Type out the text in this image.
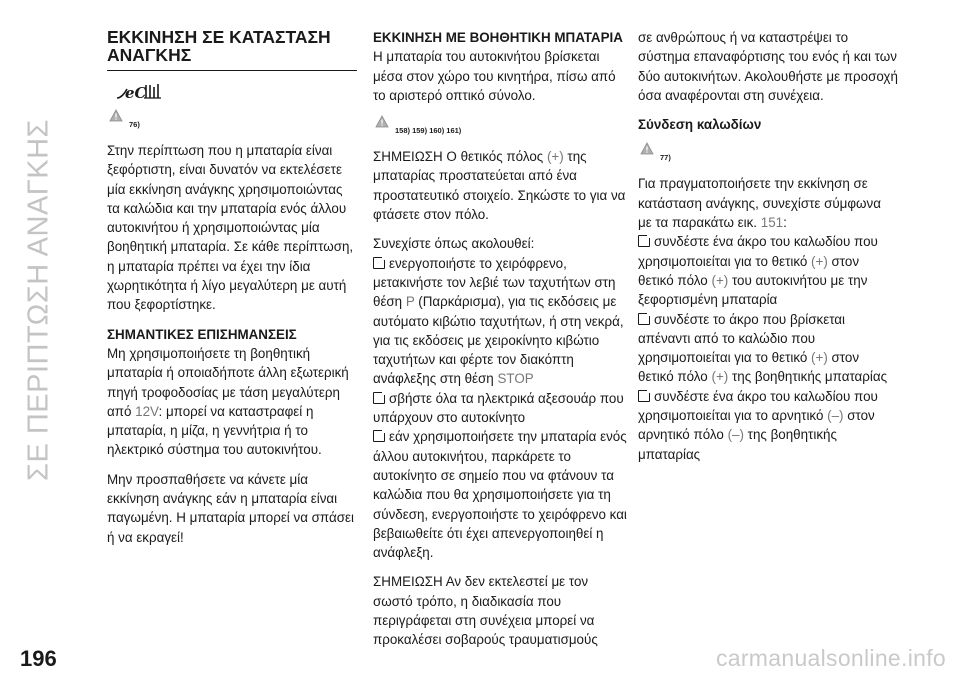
ΣΕ ΠΕΡΙΠΤΩΣΗ ΑΝΑΓΚΗΣ
ΕΚΚΙΝΗΣΗ ΣΕ ΚΑΤΑΣΤΑΣΗ ΑΝΑΓΚΗΣ
eC
76)

Στην περίπτωση που η μπαταρία είναι ξεφόρτιστη, είναι δυνατόν να εκτελέσετε μία εκκίνηση ανάγκης χρησιμοποιώντας τα καλώδια και την μπαταρία ενός άλλου αυτοκινήτου ή χρησιμοποιώντας μία βοηθητική μπαταρία. Σε κάθε περίπτωση, η μπαταρία πρέπει να έχει την ίδια χωρητικότητα ή λίγο μεγαλύτερη με αυτή που ξεφορτίστηκε.

ΣΗΜΑΝΤΙΚΕΣ ΕΠΙΣΗΜΑΝΣΕΙΣ

Μη χρησιμοποιήσετε τη βοηθητική μπαταρία ή οποιαδήποτε άλλη εξωτερική πηγή τροφοδοσίας με τάση μεγαλύτερη από 12V: μπορεί να καταστραφεί η μπαταρία, η μίζα, η γεννήτρια ή το ηλεκτρικό σύστημα του αυτοκινήτου.

Μην προσπαθήσετε να κάνετε μία εκκίνηση ανάγκης εάν η μπαταρία είναι παγωμένη. Η μπαταρία μπορεί να σπάσει ή να εκραγεί!

ΕΚΚΙΝΗΣΗ ΜΕ ΒΟΗΘΗΤΙΚΗ ΜΠΑΤΑΡΙΑ

Η μπαταρία του αυτοκινήτου βρίσκεται μέσα στον χώρο του κινητήρα, πίσω από το αριστερό οπτικό σύνολο.

158) 159) 160) 161)

ΣΗΜΕΙΩΣΗ Ο θετικός πόλος (+) της μπαταρίας προστατεύεται από ένα προστατευτικό στοιχείο. Σηκώστε το για να φτάσετε στον πόλο.

Συνεχίστε όπως ακολουθεί:

ενεργοποιήστε το χειρόφρενο,
μετακινήστε τον λεβιέ των ταχυτήτων στη θέση P (Παρκάρισμα), για τις εκδόσεις με αυτόματο κιβώτιο ταχυτήτων, ή στη νεκρά, για τις εκδόσεις με χειροκίνητο κιβώτιο ταχυτήτων και φέρτε τον διακόπτη ανάφλεξης στη θέση STOP
σβήστε όλα τα ηλεκτρικά αξεσουάρ που υπάρχουν στο αυτοκίνητο
εάν χρησιμοποιήσετε την μπαταρία ενός άλλου αυτοκινήτου, παρκάρετε το αυτοκίνητο σε σημείο που να φτάνουν τα καλώδια που θα χρησιμοποιήσετε για τη σύνδεση, ενεργοποιήστε το χειρόφρενο και βεβαιωθείτε ότι έχει απενεργοποιηθεί η ανάφλεξη.

ΣΗΜΕΙΩΣΗ Αν δεν εκτελεστεί με τον σωστό τρόπο, η διαδικασία που περιγράφεται στη συνέχεια μπορεί να προκαλέσει σοβαρούς τραυματισμούς

σε ανθρώπους ή να καταστρέψει το σύστημα επαναφόρτισης του ενός ή και των δύο αυτοκινήτων. Ακολουθήστε με προσοχή όσα αναφέρονται στη συνέχεια.

Σύνδεση καλωδίων

77)

Για πραγματοποιήσετε την εκκίνηση σε κατάσταση ανάγκης, συνεχίστε σύμφωνα με τα παρακάτω εικ. 151:

συνδέστε ένα άκρο του καλωδίου που χρησιμοποιείται για το θετικό (+) στον θετικό πόλο (+) του αυτοκινήτου με την ξεφορτισμένη μπαταρία
συνδέστε το άκρο που βρίσκεται απέναντι από το καλώδιο που χρησιμοποιείται για το θετικό (+) στον θετικό πόλο (+) της βοηθητικής μπαταρίας
συνδέστε ένα άκρο του καλωδίου που χρησιμοποιείται για το αρνητικό (–) στον αρνητικό πόλο (–) της βοηθητικής μπαταρίας
196	carmanualsonline.info
